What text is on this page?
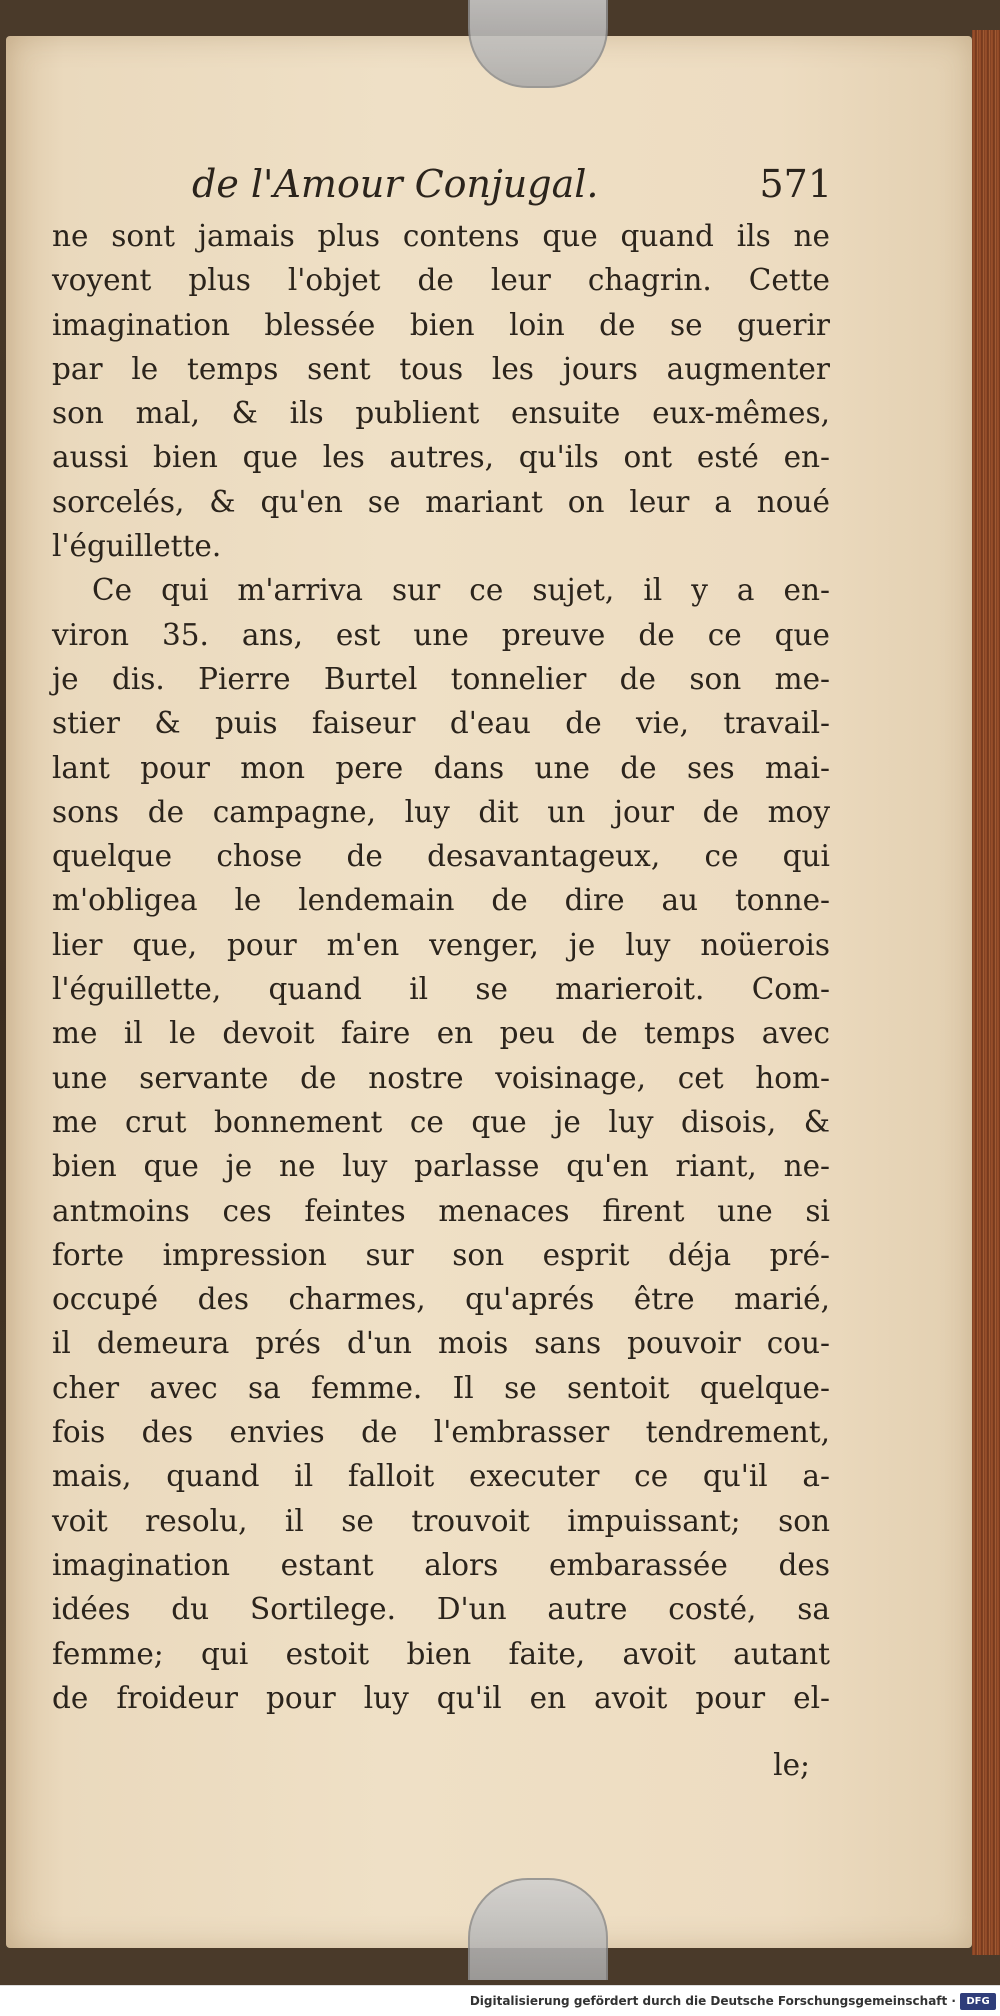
de l'Amour Conjugal.	571
ne sont jamais plus contens que quand ils ne
voyent plus l'objet de leur chagrin. Cette
imagination blessée bien loin de se guerir
par le temps sent tous les jours augmenter
son mal, & ils publient ensuite eux-mêmes,
aussi bien que les autres, qu'ils ont esté en-
sorcelés, & qu'en se mariant on leur a noué
l'éguillette.
Ce qui m'arriva sur ce sujet, il y a en-
viron 35. ans, est une preuve de ce que
je dis. Pierre Burtel tonnelier de son me-
stier & puis faiseur d'eau de vie, travail-
lant pour mon pere dans une de ses mai-
sons de campagne, luy dit un jour de moy
quelque chose de desavantageux, ce qui
m'obligea le lendemain de dire au tonne-
lier que, pour m'en venger, je luy noüerois
l'éguillette, quand il se marieroit. Com-
me il le devoit faire en peu de temps avec
une servante de nostre voisinage, cet hom-
me crut bonnement ce que je luy disois, &
bien que je ne luy parlasse qu'en riant, ne-
antmoins ces feintes menaces firent une si
forte impression sur son esprit déja pré-
occupé des charmes, qu'aprés être marié,
il demeura prés d'un mois sans pouvoir cou-
cher avec sa femme. Il se sentoit quelque-
fois des envies de l'embrasser tendrement,
mais, quand il falloit executer ce qu'il a-
voit resolu, il se trouvoit impuissant; son
imagination estant alors embarassée des
idées du Sortilege. D'un autre costé, sa
femme; qui estoit bien faite, avoit autant
de froideur pour luy qu'il en avoit pour el-
le;
Digitalisierung gefördert durch die Deutsche Forschungsgemeinschaft ·	DFG
